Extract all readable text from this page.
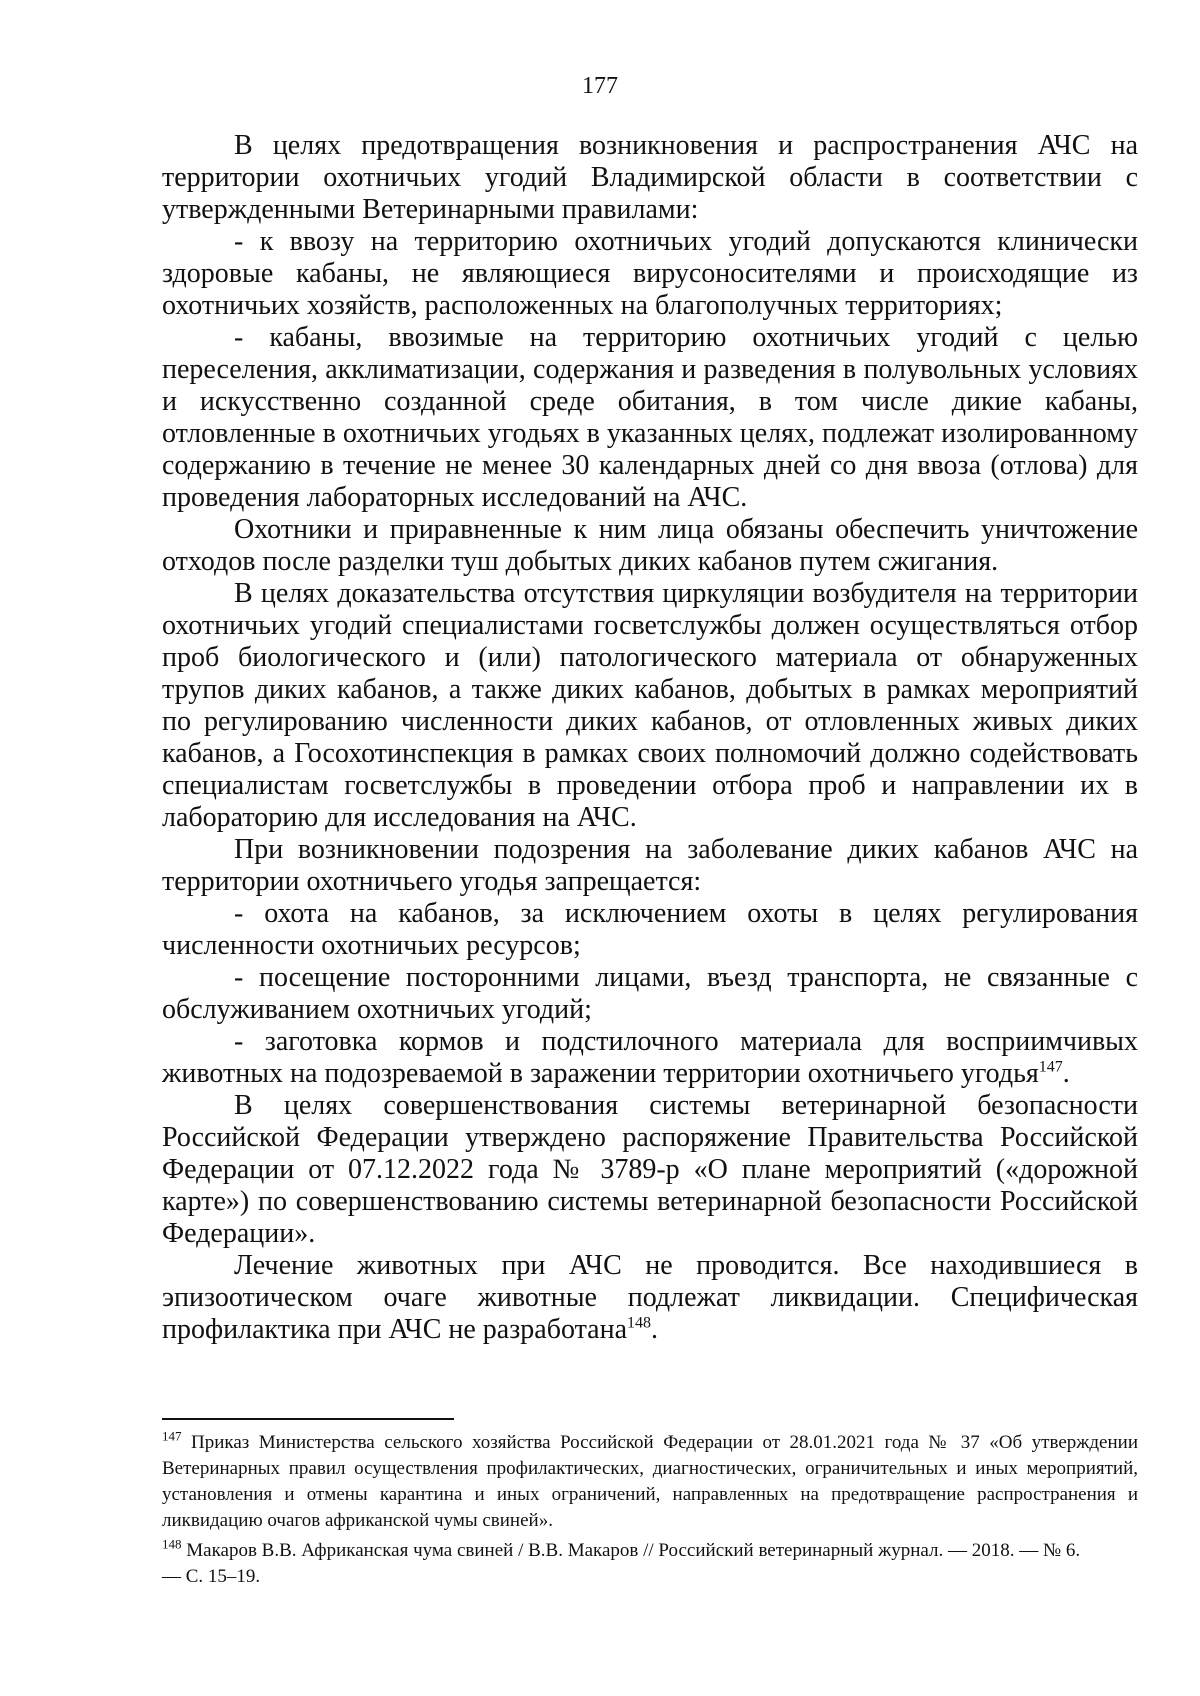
177

В целях предотвращения возникновения и распространения АЧС на территории охотничьих угодий Владимирской области в соответствии с утвержденными Ветеринарными правилами:

- к ввозу на территорию охотничьих угодий допускаются клинически здоровые кабаны, не являющиеся вирусоносителями и происходящие из охотничьих хозяйств, расположенных на благополучных территориях;

- кабаны, ввозимые на территорию охотничьих угодий с целью переселения, акклиматизации, содержания и разведения в полувольных условиях и искусственно созданной среде обитания, в том числе дикие кабаны, отловленные в охотничьих угодьях в указанных целях, подлежат изолированному содержанию в течение не менее 30 календарных дней со дня ввоза (отлова) для проведения лабораторных исследований на АЧС.

Охотники и приравненные к ним лица обязаны обеспечить уничтожение отходов после разделки туш добытых диких кабанов путем сжигания.

В целях доказательства отсутствия циркуляции возбудителя на территории охотничьих угодий специалистами госветслужбы должен осуществляться отбор проб биологического и (или) патологического материала от обнаруженных трупов диких кабанов, а также диких кабанов, добытых в рамках мероприятий по регулированию численности диких кабанов, от отловленных живых диких кабанов, а Госохотинспекция в рамках своих полномочий должно содействовать специалистам госветслужбы в проведении отбора проб и направлении их в лабораторию для исследования на АЧС.

При возникновении подозрения на заболевание диких кабанов АЧС на территории охотничьего угодья запрещается:

- охота на кабанов, за исключением охоты в целях регулирования численности охотничьих ресурсов;

- посещение посторонними лицами, въезд транспорта, не связанные с обслуживанием охотничьих угодий;

- заготовка кормов и подстилочного материала для восприимчивых животных на подозреваемой в заражении территории охотничьего угодья$^{147}$.

В целях совершенствования системы ветеринарной безопасности Российской Федерации утверждено распоряжение Правительства Российской Федерации от 07.12.2022 года № 3789-р «О плане мероприятий («дорожной карте») по совершенствованию системы ветеринарной безопасности Российской Федерации».

Лечение животных при АЧС не проводится. Все находившиеся в эпизоотическом очаге животные подлежат ликвидации. Специфическая профилактика при АЧС не разработана$^{148}$.

$^{147}$ Приказ Министерства сельского хозяйства Российской Федерации от 28.01.2021 года № 37 «Об утверждении Ветеринарных правил осуществления профилактических, диагностических, ограничительных и иных мероприятий, установления и отмены карантина и иных ограничений, направленных на предотвращение распространения и ликвидацию очагов африканской чумы свиней».

$^{148}$ Макаров В.В. Африканская чума свиней / В.В. Макаров // Российский ветеринарный журнал. — 2018. — № 6.
— С. 15–19.
